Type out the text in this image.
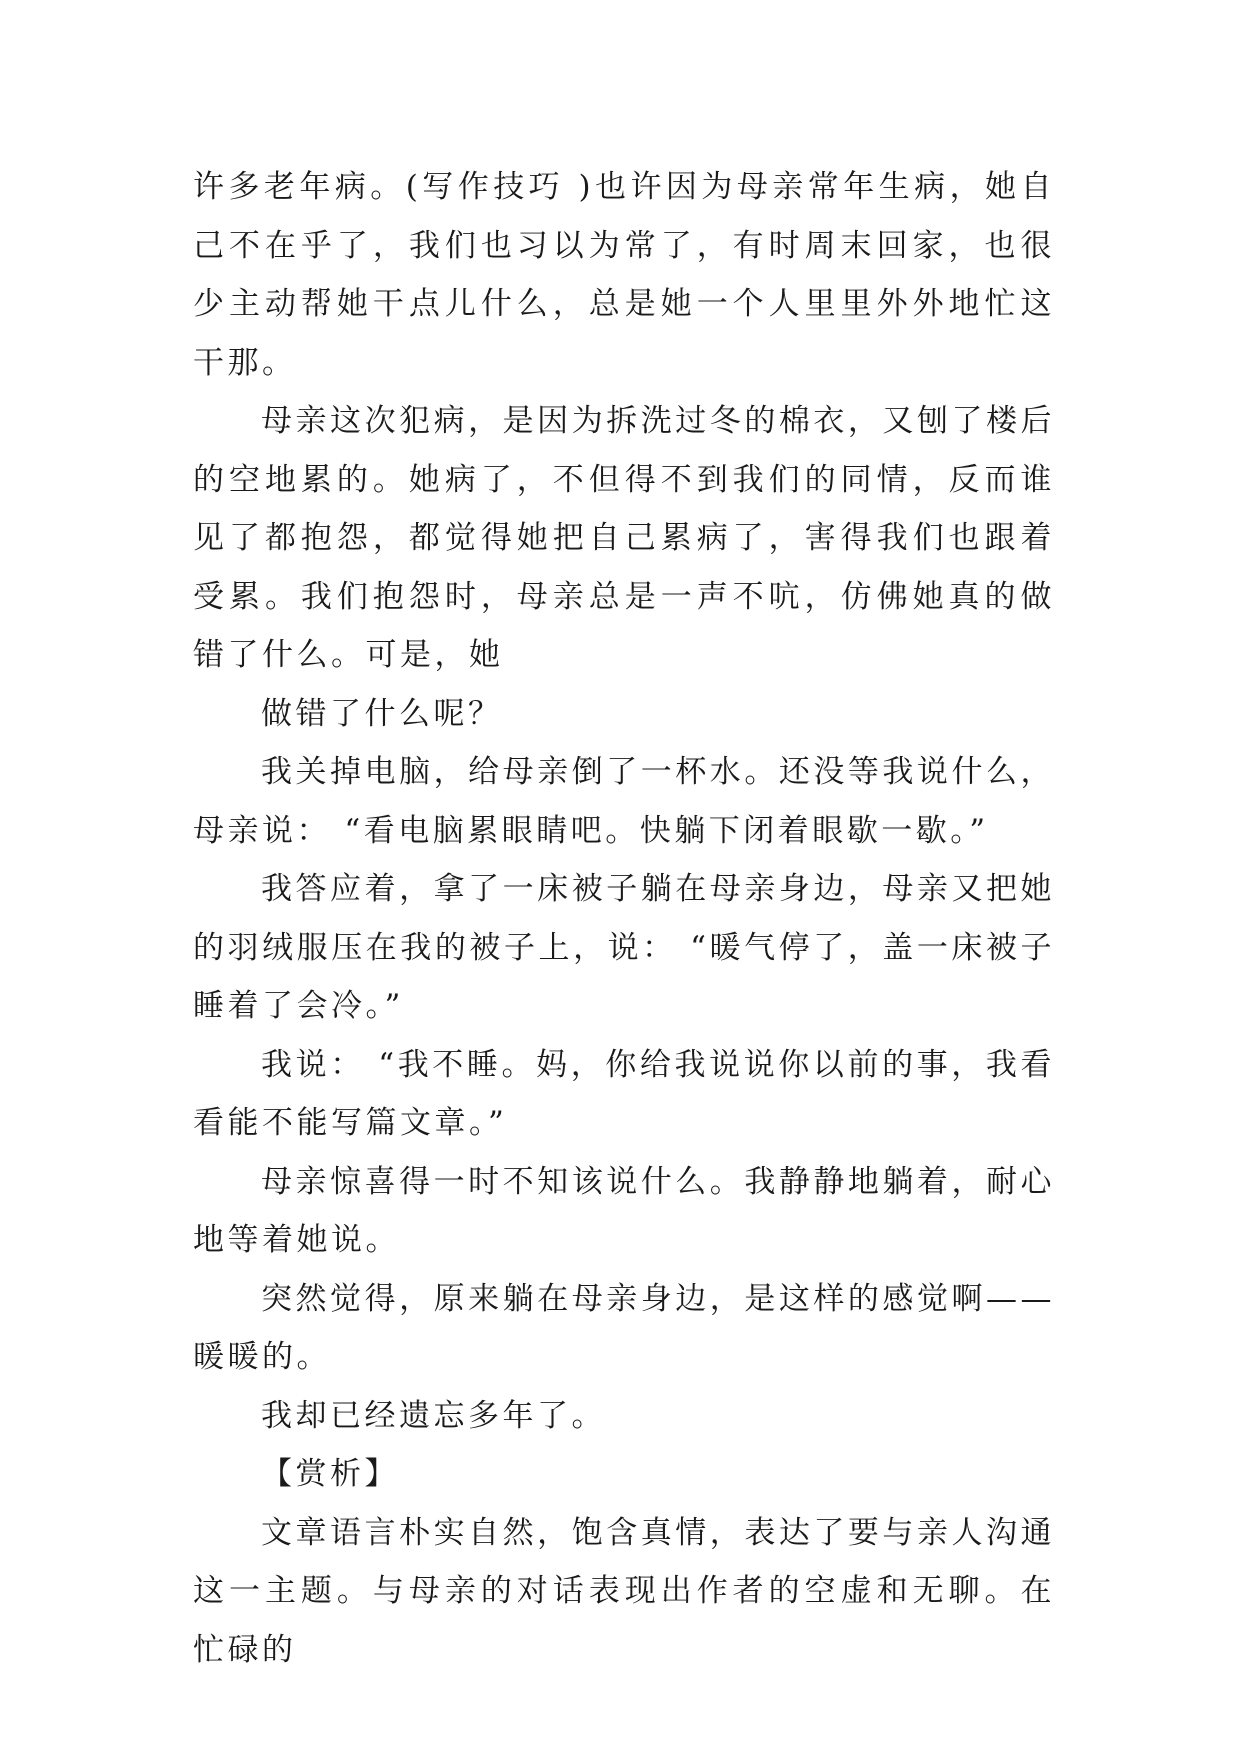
许多老年病。(写作技巧 )也许因为母亲常年生病，她自己不在乎了，我们也习以为常了，有时周末回家，也很少主动帮她干点儿什么，总是她一个人里里外外地忙这干那。

母亲这次犯病，是因为拆洗过冬的棉衣，又刨了楼后的空地累的。她病了，不但得不到我们的同情，反而谁见了都抱怨，都觉得她把自己累病了，害得我们也跟着受累。我们抱怨时，母亲总是一声不吭，仿佛她真的做错了什么。可是，她

做错了什么呢？

我关掉电脑，给母亲倒了一杯水。还没等我说什么，母亲说： “看电脑累眼睛吧。快躺下闭着眼歇一歇。”

我答应着，拿了一床被子躺在母亲身边，母亲又把她的羽绒服压在我的被子上，说： “暖气停了，盖一床被子睡着了会冷。”

我说： “我不睡。妈，你给我说说你以前的事，我看看能不能写篇文章。”

母亲惊喜得一时不知该说什么。我静静地躺着，耐心地等着她说。

突然觉得，原来躺在母亲身边，是这样的感觉啊——暖暖的。

我却已经遗忘多年了。

【赏析】

文章语言朴实自然，饱含真情，表达了要与亲人沟通这一主题。与母亲的对话表现出作者的空虚和无聊。在忙碌的
